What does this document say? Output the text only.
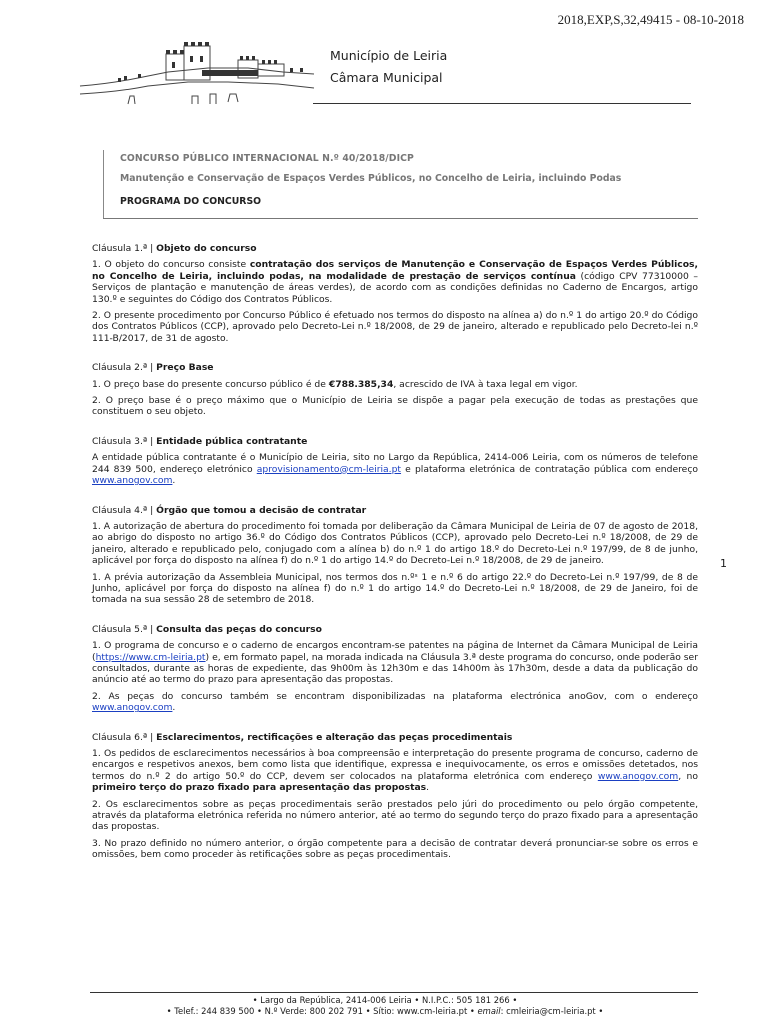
2018,EXP,S,32,49415 - 08-10-2018
Município de Leiria
Câmara Municipal
CONCURSO PÚBLICO INTERNACIONAL N.º 40/2018/DICP
Manutenção e Conservação de Espaços Verdes Públicos, no Concelho de Leiria, incluindo Podas
PROGRAMA DO CONCURSO
Cláusula 1.ª | Objeto do concurso
1. O objeto do concurso consiste contratação dos serviços de Manutenção e Conservação de Espaços Verdes Públicos, no Concelho de Leiria, incluindo podas, na modalidade de prestação de serviços contínua (código CPV 77310000 – Serviços de plantação e manutenção de áreas verdes), de acordo com as condições definidas no Caderno de Encargos, artigo 130.º e seguintes do Código dos Contratos Públicos.
2. O presente procedimento por Concurso Público é efetuado nos termos do disposto na alínea a) do n.º 1 do artigo 20.º do Código dos Contratos Públicos (CCP), aprovado pelo Decreto-Lei n.º 18/2008, de 29 de janeiro, alterado e republicado pelo Decreto-lei n.º 111-B/2017, de 31 de agosto.
Cláusula 2.ª | Preço Base
1. O preço base do presente concurso público é de €788.385,34, acrescido de IVA à taxa legal em vigor.
2. O preço base é o preço máximo que o Município de Leiria se dispõe a pagar pela execução de todas as prestações que constituem o seu objeto.
Cláusula 3.ª | Entidade pública contratante
A entidade pública contratante é o Município de Leiria, sito no Largo da República, 2414-006 Leiria, com os números de telefone 244 839 500, endereço eletrónico aprovisionamento@cm-leiria.pt e plataforma eletrónica de contratação pública com endereço www.anogov.com.
Cláusula 4.ª | Órgão que tomou a decisão de contratar
1. A autorização de abertura do procedimento foi tomada por deliberação da Câmara Municipal de Leiria de 07 de agosto de 2018, ao abrigo do disposto no artigo 36.º do Código dos Contratos Públicos (CCP), aprovado pelo Decreto-Lei n.º 18/2008, de 29 de janeiro, alterado e republicado pelo, conjugado com a alínea b) do n.º 1 do artigo 18.º do Decreto-Lei n.º 197/99, de 8 de junho, aplicável por força do disposto na alínea f) do n.º 1 do artigo 14.º do Decreto-Lei n.º 18/2008, de 29 de janeiro.
1. A prévia autorização da Assembleia Municipal, nos termos dos n.ºˢ 1 e n.º 6 do artigo 22.º do Decreto-Lei n.º 197/99, de 8 de Junho, aplicável por força do disposto na alínea f) do n.º 1 do artigo 14.º do Decreto-Lei n.º 18/2008, de 29 de Janeiro, foi de tomada na sua sessão 28 de setembro de 2018.
Cláusula 5.ª | Consulta das peças do concurso
1. O programa de concurso e o caderno de encargos encontram-se patentes na página de Internet da Câmara Municipal de Leiria (https://www.cm-leiria.pt) e, em formato papel, na morada indicada na Cláusula 3.ª deste programa do concurso, onde poderão ser consultados, durante as horas de expediente, das 9h00m às 12h30m e das 14h00m às 17h30m, desde a data da publicação do anúncio até ao termo do prazo para apresentação das propostas.
2. As peças do concurso também se encontram disponibilizadas na plataforma electrónica anoGov, com o endereço www.anogov.com.
Cláusula 6.ª | Esclarecimentos, rectificações e alteração das peças procedimentais
1. Os pedidos de esclarecimentos necessários à boa compreensão e interpretação do presente programa de concurso, caderno de encargos e respetivos anexos, bem como lista que identifique, expressa e inequivocamente, os erros e omissões detetados, nos termos do n.º 2 do artigo 50.º do CCP, devem ser colocados na plataforma eletrónica com endereço www.anogov.com, no primeiro terço do prazo fixado para apresentação das propostas.
2. Os esclarecimentos sobre as peças procedimentais serão prestados pelo júri do procedimento ou pelo órgão competente, através da plataforma eletrónica referida no número anterior, até ao termo do segundo terço do prazo fixado para a apresentação das propostas.
3. No prazo definido no número anterior, o órgão competente para a decisão de contratar deverá pronunciar-se sobre os erros e omissões, bem como proceder às retificações sobre as peças procedimentais.
1
• Largo da República, 2414-006 Leiria • N.I.P.C.: 505 181 266 •
• Telef.: 244 839 500 • N.º Verde: 800 202 791 • Sítio: www.cm-leiria.pt • email: cmleiria@cm-leiria.pt •
